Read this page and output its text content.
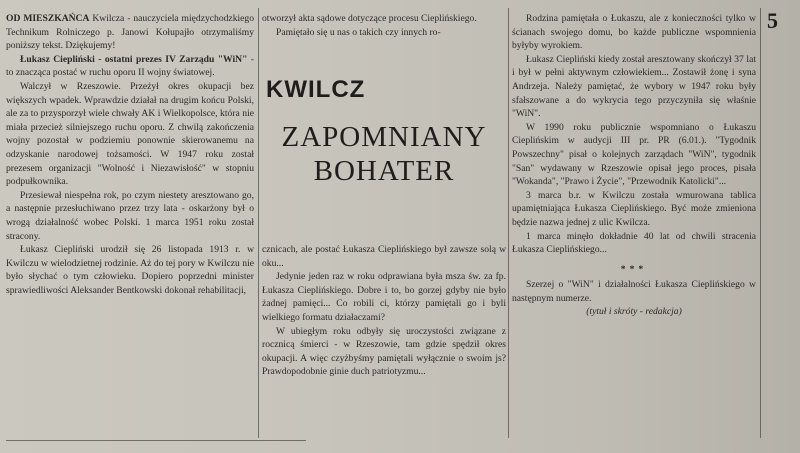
5

OD MIESZKAŃCA Kwilcza - nauczyciela międzychodzkiego Technikum Rolniczego p. Janowi Kołupajło otrzymaliśmy poniższy tekst. Dziękujemy!

Łukasz Ciepliński - ostatni prezes IV Zarządu "WiN" - to znacząca postać w ruchu oporu II wojny światowej.

Walczył w Rzeszowie. Przeżył okres okupacji bez większych wpadek. Wprawdzie działał na drugim końcu Polski, ale za to przysporzył wiele chwały AK i Wielkopolsce, która nie miała przecież silniejszego ruchu oporu. Z chwilą zakończenia wojny pozostał w podziemiu ponownie skierowanemu na odzyskanie narodowej tożsamości. W 1947 roku został prezesem organizacji "Wolność i Niezawisłość" w stopniu podpułkownika.

Przesiewał niespełna rok, po czym niestety aresztowano go, a następnie przesłuchiwano przez trzy lata - oskarżony był o wrogą działalność wobec Polski. 1 marca 1951 roku został stracony.

Łukasz Ciepliński urodził się 26 listopada 1913 r. w Kwilczu w wielodzietnej rodzinie. Aż do tej pory w Kwilczu nie było słychać o tym człowieku. Dopiero poprzedni minister sprawiedliwości Aleksander Bentkowski dokonał rehabilitacji,

otworzył akta sądowe dotyczące procesu Cieplińskiego.

Pamiętało się u nas o takich czy innych ro-

KWILCZ
ZAPOMNIANY
BOHATER

cznicach, ale postać Łukasza Cieplińskiego był zawsze solą w oku...

Jedynie jeden raz w roku odprawiana była msza św. za fp. Łukasza Cieplińskiego. Dobre i to, bo gorzej gdyby nie było żadnej pamięci... Co robili ci, którzy pamiętali go i byli wielkiego formatu działaczami?

W ubiegłym roku odbyły się uroczystości związane z rocznicą śmierci - w Rzeszowie, tam gdzie spędził okres okupacji. A więc czyżbyśmy pamiętali wyłącznie o swoim js? Prawdopodobnie ginie duch patriotyzmu...

Rodzina pamiętała o Łukaszu, ale z konieczności tylko w ścianach swojego domu, bo każde publiczne wspomnienia byłyby wyrokiem.

Łukasz Ciepliński kiedy został aresztowany skończył 37 lat i był w pełni aktywnym człowiekiem... Zostawił żonę i syna Andrzeja. Należy pamiętać, że wybory w 1947 roku były sfałszowane a do wykrycia tego przyczyniła się właśnie "WiN".

W 1990 roku publicznie wspomniano o Łukaszu Cieplińskim w audycji III pr. PR (6.01.). "Tygodnik Powszechny" pisał o kolejnych zarządach "WiN", tygodnik "San" wydawany w Rzeszowie opisał jego proces, pisała "Wokanda", "Prawo i Życie", "Przewodnik Katolicki"...

3 marca b.r. w Kwilczu została wmurowana tablica upamiętniająca Łukasza Cieplińskiego. Być może zmieniona będzie nazwa jednej z ulic Kwilcza.

1 marca minęło dokładnie 40 lat od chwili stracenia Łukasza Cieplińskiego...

***

Szerzej o "WiN" i działalności Łukasza Cieplińskiego w następnym numerze.

(tytuł i skróty - redakcja)
